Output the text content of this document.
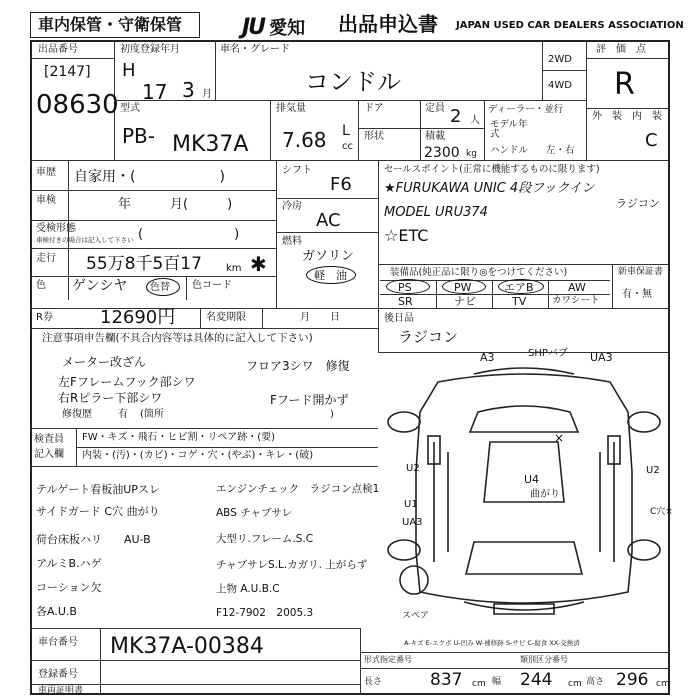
車内保管・守衛保管	JU 愛知 出品申込書 JAPAN USED CAR DEALERS ASSOCIATION
出品番号
[2147]
08630
初度登録年月
H
17 3 月
車名・グレード
コンドル
2WD
4WD
評　価　点
R
外　装　内　装
C
型式
PB- MK37A
排気量
7.68 L
cc
ドア
形状
定員 2 人
積載
2300 kg
ディーラー・並行
モデル年式
ハンドル 左・右
車歴 自家用・(　　　　　　)
車検	年　　　月(　　　)
受検形態
車検付きの場合は記入して下さい (　　　　　　　)
走行 55万8千5百17 km ✱
色 ゲンシヤ 色替 色コード
シフト
F6
冷房
AC
燃料
ガソリン
軽　油
セールスポイント(正常に機能するものに限ります)
★FURUKAWA UNIC 4段フックイン
ラジコン
MODEL URU374
☆ETC
装備品(純正品に限り◎をつけてください)
PS	PW	エアB	AW
SR	ナビ	TV	カワシート
新車保証書
有・無
R券	12690円	名変期限	月　　日
注意事項申告欄(不具合内容等は具体的に記入して下さい)
メーター改ざん
左Fフレームフック部シワ
右Rピラー下部シワ
フロア3シワ　修復
Fフード開かず
修復歴	有 (箇所	)
後日品
ラジコン
検査員
記入欄
FW・キズ・飛石・ヒビ割・リペア跡・(要)
内装・(汚)・(カビ)・コゲ・穴・(やぶ)・キレ・(破)
テルゲート看板油UPスレ
サイドガード C穴 曲がり
荷台床板ハリ　　AU-B
アルミB.ハゲ
コーション欠
各A.U.B
エンジンチェック　ラジコン点検1
ABS チャブサレ
大型リ.フレーム.S.C
チャブサレS.L.カガリ. 上がらず
上物 A.U.B.C
F12-7902　2005.3
A3	SHPバブ UA3
×
U2
U1
UA3
U4
曲がり
C穴×
U2
スペア
A-キズ E-エクボ U-凹み W-補修跡 S-サビ C-腐食 XX-交換済
車台番号 MK37A-00384
登録番号
車両証明書
形式指定番号	類別区分番号
長さ	837 cm 幅 244 cm 高さ 296 cm
